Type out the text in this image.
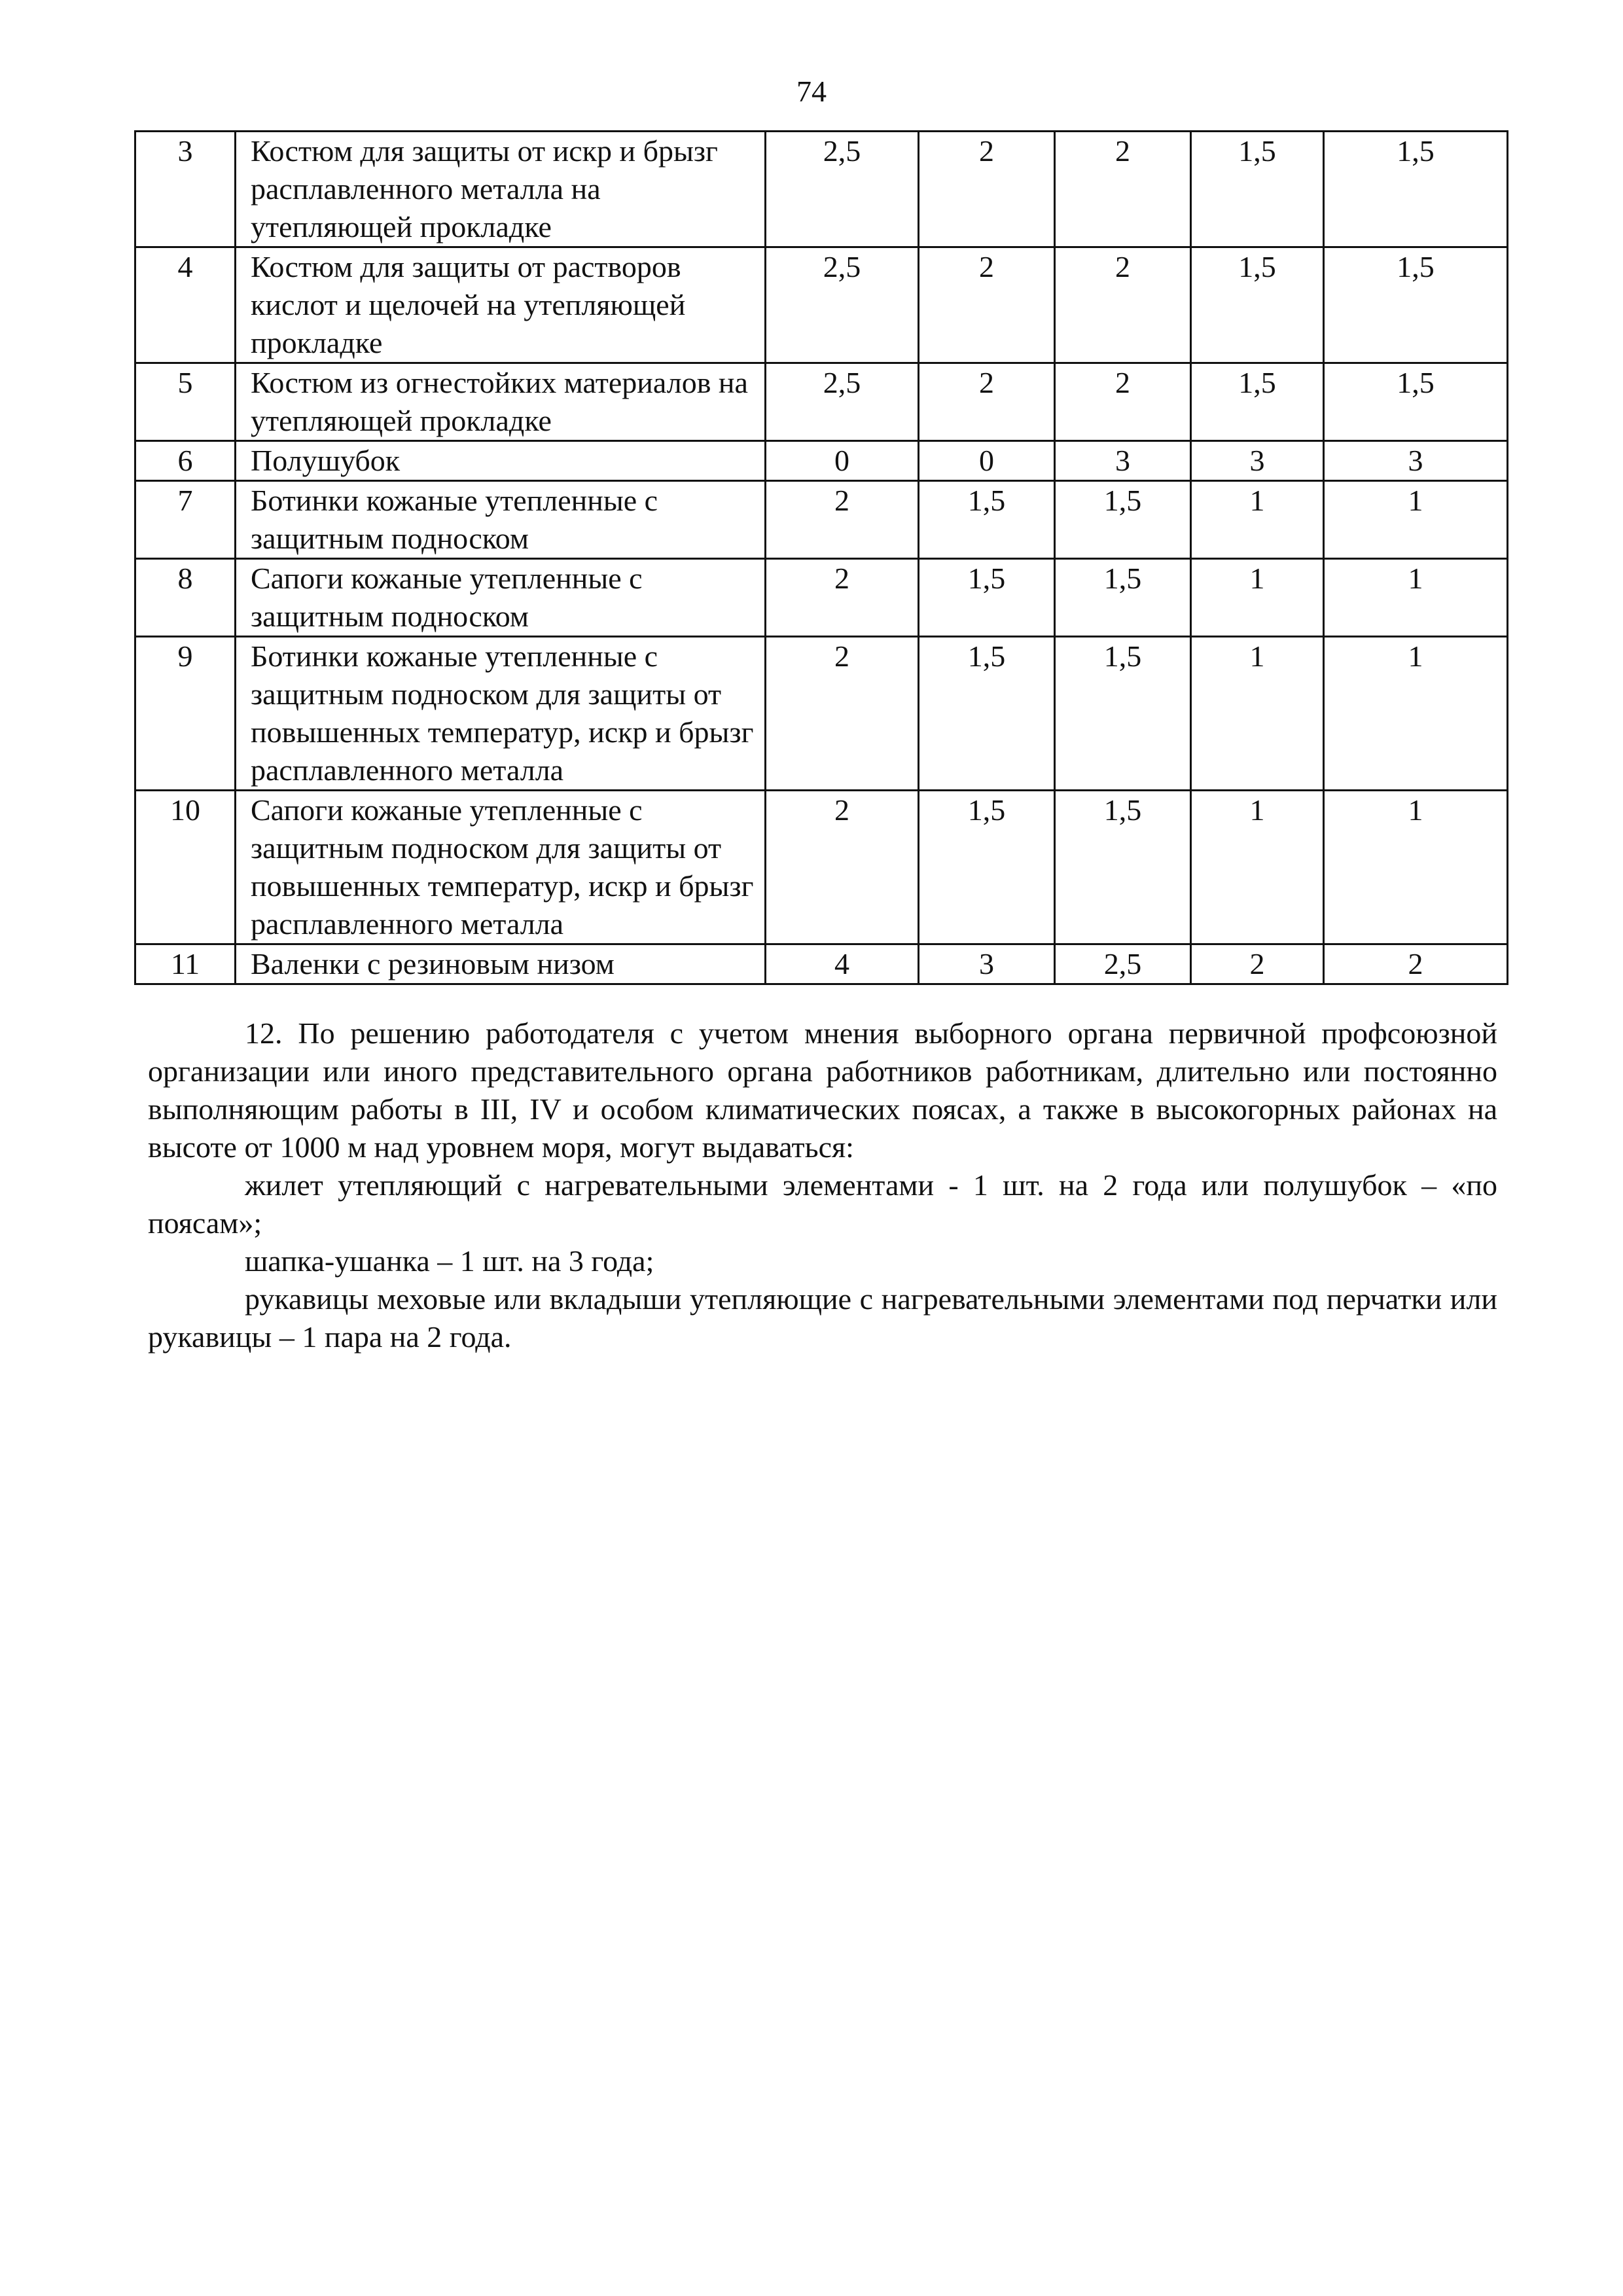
74
3	Костюм для защиты от искр и брызг расплавленного металла на утепляющей прокладке	2,5	2	2	1,5	1,5
4	Костюм для защиты от растворов кислот и щелочей на утепляющей прокладке	2,5	2	2	1,5	1,5
5	Костюм из огнестойких материалов на утепляющей прокладке	2,5	2	2	1,5	1,5
6	Полушубок	0	0	3	3	3
7	Ботинки кожаные утепленные с защитным подноском	2	1,5	1,5	1	1
8	Сапоги кожаные утепленные с защитным подноском	2	1,5	1,5	1	1
9	Ботинки кожаные утепленные с защитным подноском для защиты от повышенных температур, искр и брызг расплавленного металла	2	1,5	1,5	1	1
10	Сапоги кожаные утепленные с защитным подноском для защиты от повышенных температур, искр и брызг расплавленного металла	2	1,5	1,5	1	1
11	Валенки с резиновым низом	4	3	2,5	2	2

12. По решению работодателя с учетом мнения выборного органа первичной профсоюзной организации или иного представительного органа работников работникам, длительно или постоянно выполняющим работы в III, IV и особом климатических поясах, а также в высокогорных районах на высоте от 1000 м над уровнем моря, могут выдаваться:

жилет утепляющий с нагревательными элементами - 1 шт. на 2 года или полушубок – «по поясам»;

шапка-ушанка – 1 шт. на 3 года;

рукавицы меховые или вкладыши утепляющие с нагревательными элементами под перчатки или рукавицы – 1 пара на 2 года.
